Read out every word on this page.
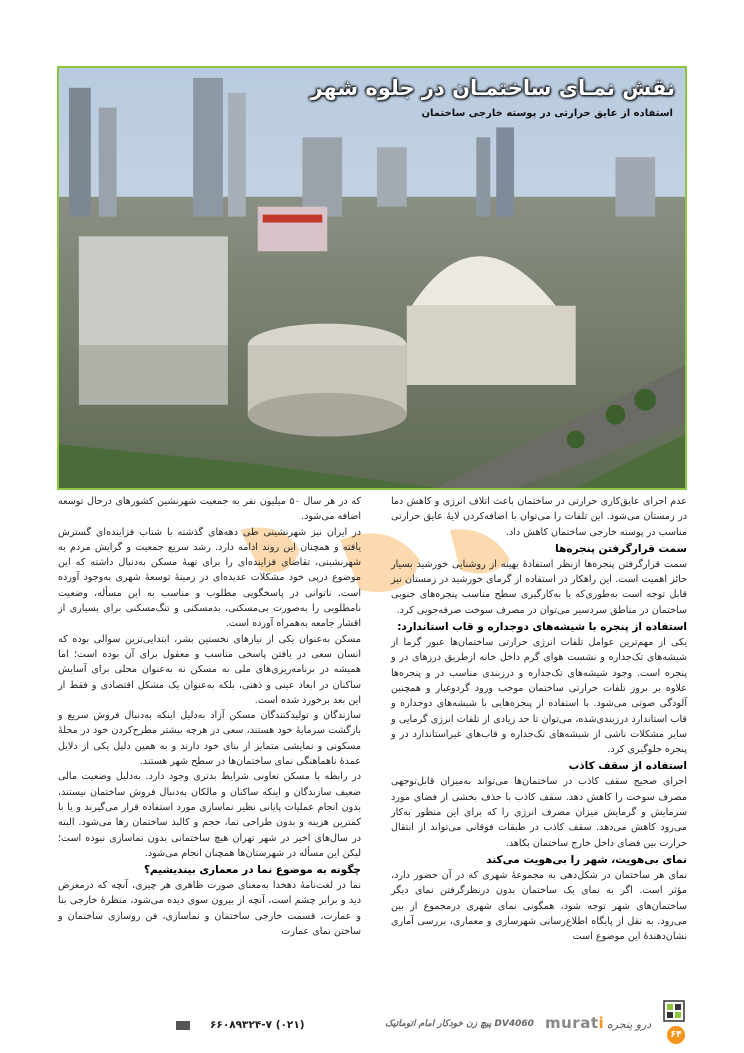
نقش نمـای ساختمـان در جلوه شهر
استفاده از عایق حرارتی در پوسته خارجی ساختمان

عدم اجرای عایق‌کاری حرارتی در ساختمان باعث اتلاف انرژی و کاهش دما در زمستان می‌شود. این تلفات را می‌توان با اضافه‌کردن لایهٔ عایق حرارتی مناسب در پوسته خارجی ساختمان کاهش داد.

سمت قرارگرفتن پنجره‌ها

سمت قرارگرفتن پنجره‌ها ازنظر استفادهٔ بهینه از روشنایی خورشید بسیار حائز اهمیت است. این راهکار در استفاده از گرمای خورشید در زمستان نیز قابل توجه است به‌طوری‌که با به‌کارگیری سطح مناسب پنجره‌های جنوبی ساختمان در مناطق سردسیر می‌توان در مصرف سوخت صرفه‌جویی کرد.

استفاده از پنجره با شیشه‌های دوجداره و قاب استاندارد:

یکی از مهم‌ترین عوامل تلفات انرژی حرارتی ساختمان‌ها عبور گرما از شیشه‌های تک‌جداره و نشست هوای گرم داخل خانه ازطریق درزهای در و پنجره است. وجود شیشه‌های تک‌جداره و درزبندی مناسب در و پنجره‌ها علاوه بر بروز تلفات حرارتی ساختمان موجب ورود گردوغبار و همچنین آلودگی صوتی می‌شود. با استفاده از پنجره‌هایی با شیشه‌های دوجداره و قاب استاندارد درزبندی‌شده، می‌توان تا حد زیادی از تلفات انرژی گرمایی و سایر مشکلات ناشی از شیشه‌های تک‌جداره و قاب‌های غیراستاندارد در و پنجره جلوگیری کرد.

استفاده از سقف کاذب

اجرای صحیح سقف کاذب در ساختمان‌ها می‌تواند به‌میزان قابل‌توجهی مصرف سوخت را کاهش دهد. سقف کاذب با حذف بخشی از فضای مورد سرمایش و گرمایش میزان مصرف انرژی را که برای این منظور به‌کار می‌رود کاهش می‌دهد. سقف کاذب در طبقات فوقانی می‌تواند از انتقال حرارت بین فضای داخل خارج ساختمان بکاهد.

نمای بی‌هویت، شهر را بی‌هویت می‌کند

نمای هر ساختمان در شکل‌دهی به مجموعهٔ شهری که در آن حضور دارد، مؤثر است. اگر به نمای یک ساختمان بدون درنظرگرفتن نمای دیگر ساختمان‌های شهر توجه شود، همگونی نمای شهری درمجموع از بین می‌رود. به نقل از پایگاه اطلاع‌رسانی شهرسازی و معماری، بررسی آماری نشان‌دهندهٔ این موضوع است

که در هر سال ۵۰ میلیون نفر به جمعیت شهرنشین کشورهای درحال توسعه اضافه می‌شود.

در ایران نیز شهرنشینی طی دهه‌های گذشته با شتاب فزاینده‌ای گسترش یافته و همچنان این روند ادامه دارد. رشد سریع جمعیت و گرایش مردم به شهرنشینی، تقاضای فزاینده‌ای را برای تهیهٔ مسکن به‌دنبال داشته که این موضوع درپی خود مشکلات عدیده‌ای در زمینهٔ توسعهٔ شهری به‌وجود آورده است. ناتوانی در پاسخگویی مطلوب و مناسب به این مسأله، وضعیت نامطلوبی را به‌صورت بی‌مسکنی، بدمسکنی و تنگ‌مسکنی برای بسیاری از اقشار جامعه به‌همراه آورده است.

مسکن به‌عنوان یکی از نیازهای نخستین بشر، ابتدایی‌ترین سوالی بوده که انسان سعی در یافتن پاسخی مناسب و معقول برای آن بوده است؛ اما همیشه در برنامه‌ریزی‌های ملی به مسکن نه به‌عنوان محلی برای آسایش ساکنان در ابعاد عینی و ذهنی، بلکه به‌عنوان یک مشکل اقتصادی و فقط از این بعد برخورد شده است.

سازندگان و تولیدکنندگان مسکن آزاد به‌دلیل اینکه به‌دنبال فروش سریع و بازگشت سرمایهٔ خود هستند، سعی در هرچه بیشتر مطرح‌کردن خود در محلهٔ مسکونی و نمایشی متمایز از بنای خود دارند و به همین دلیل یکی از دلایل عمدهٔ ناهماهنگی نمای ساختمان‌ها در سطح شهر هستند.

در رابطه با مسکن تعاونی شرایط بدتری وجود دارد. به‌دلیل وضعیت مالی ضعیف سازندگان و اینکه ساکنان و مالکان به‌دنبال فروش ساختمان نیستند، بدون انجام عملیات پایانی نظیر نماسازی مورد استفاده قرار می‌گیرند و یا با کمترین هزینه و بدون طراحی نما، حجم و کالبد ساختمان رها می‌شود. البته در سال‌های اخیر در شهر تهران هیچ ساختمانی بدون نماسازی نبوده است؛ لیکن این مسأله در شهرستان‌ها همچنان انجام می‌شود.

چگونه به موضوع نما در معماری بیندیشیم؟

نما در لغت‌نامهٔ دهخدا به‌معنای صورت ظاهری هر چیزی، آنچه که درمعرض دید و برابر چشم است، آنچه از بیرون سوی دیده می‌شود، منظرهٔ خارجی بنا و عمارت، قسمت خارجی ساختمان و نماسازی، فن روسازی ساختمان و ساختن نمای عمارت

(۰۲۱) ۶۶۰۸۹۳۲۴-۷	DV4060 پیچ زن خودکار امام اتوماتیک murati درو پنجره
۶۴
